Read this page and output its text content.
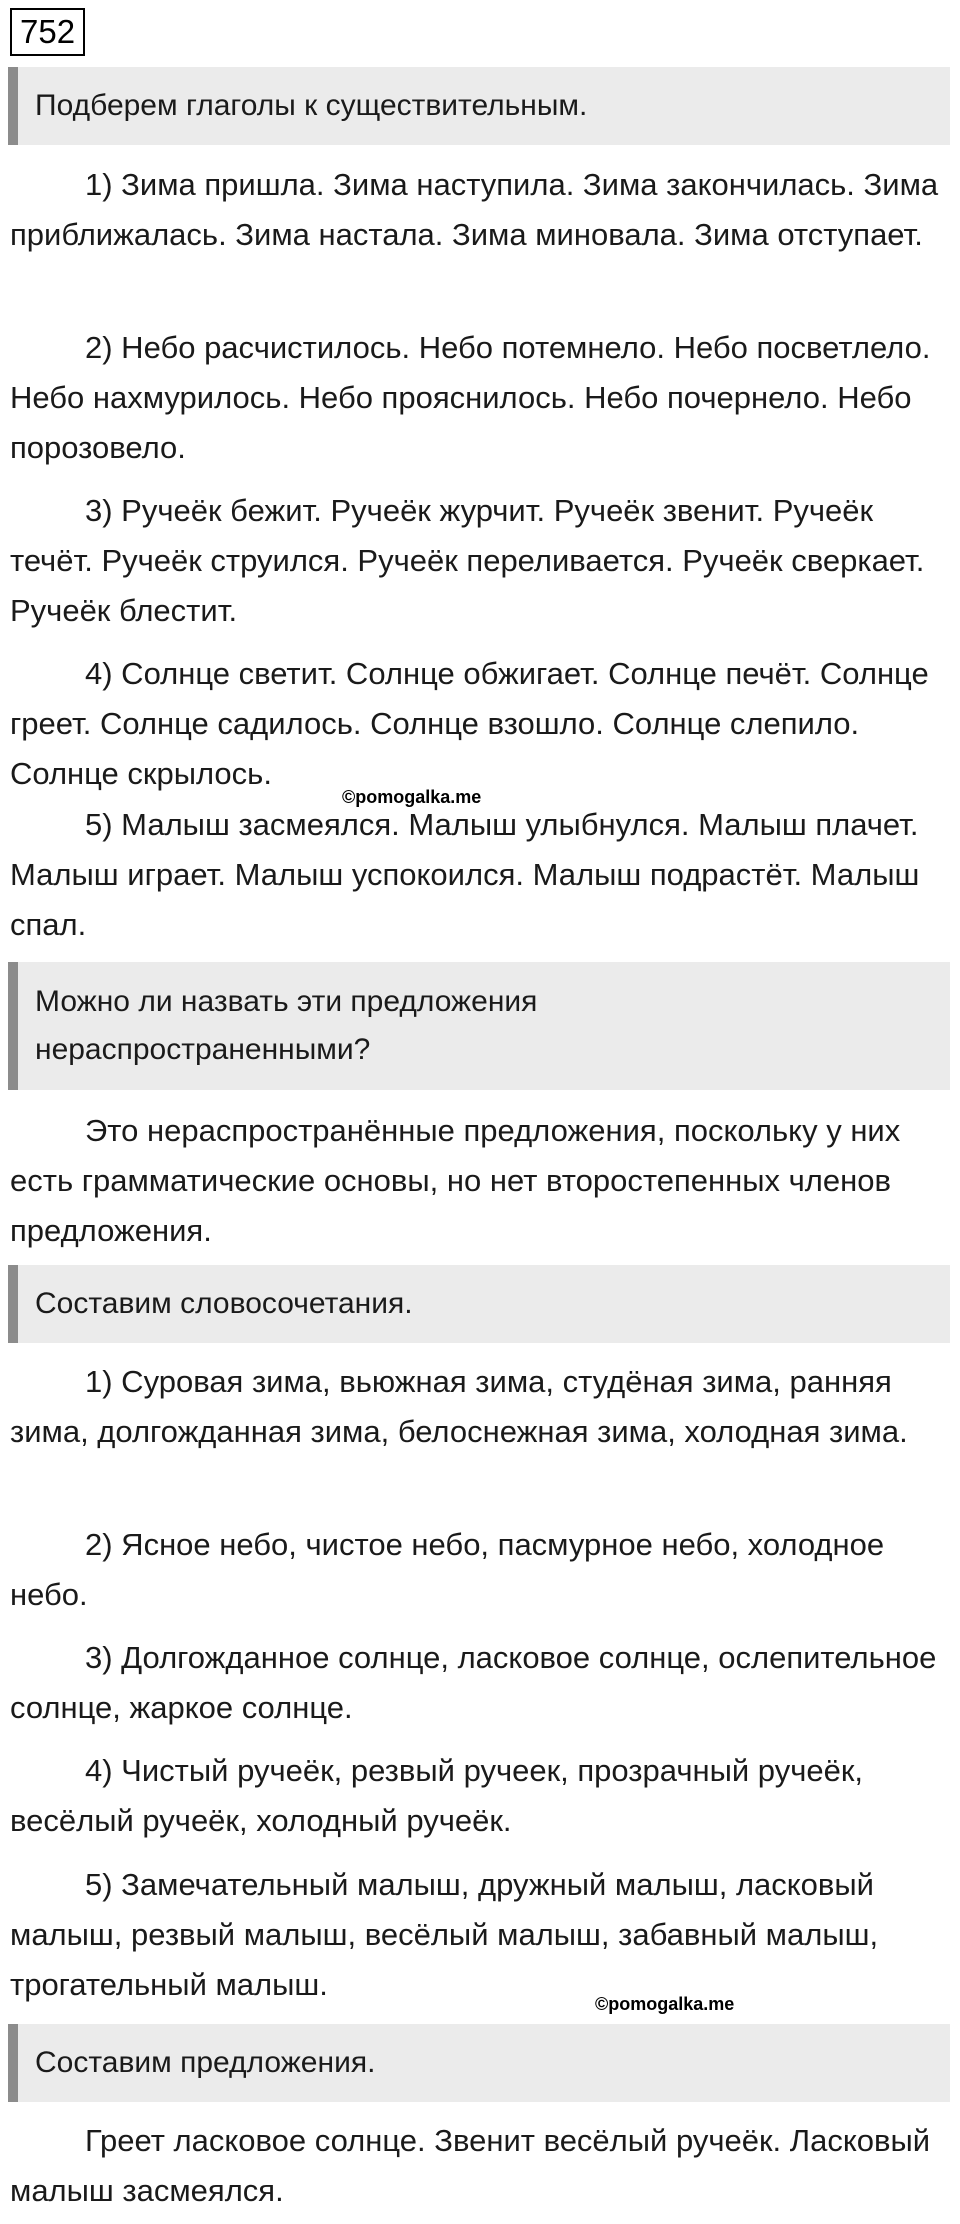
752
Подберем глаголы к существительным.

1) Зима пришла. Зима наступила. Зима закончилась. Зима приближалась. Зима настала. Зима миновала. Зима отступает.

2) Небо расчистилось. Небо потемнело. Небо посветлело. Небо нахмурилось. Небо прояснилось. Небо почернело. Небо порозовело.

3) Ручеёк бежит. Ручеёк журчит. Ручеёк звенит. Ручеёк течёт. Ручеёк струился. Ручеёк переливается. Ручеёк сверкает. Ручеёк блестит.

4) Солнце светит. Солнце обжигает. Солнце печёт. Солнце греет. Солнце садилось. Солнце взошло. Солнце слепило. Солнце скрылось.

©pomogalka.me

5) Малыш засмеялся. Малыш улыбнулся. Малыш плачет. Малыш играет. Малыш успокоился. Малыш подрастёт. Малыш спал.

Можно ли назвать эти предложения
нераспространенными?

Это нераспространённые предложения, поскольку у них есть грамматические основы, но нет второстепенных членов предложения.

Составим словосочетания.

1) Суровая зима, вьюжная зима, студёная зима, ранняя зима, долгожданная зима, белоснежная зима, холодная зима.

2) Ясное небо, чистое небо, пасмурное небо, холодное небо.

3) Долгожданное солнце, ласковое солнце, ослепительное солнце, жаркое солнце.

4) Чистый ручеёк, резвый ручеек, прозрачный ручеёк, весёлый ручеёк, холодный ручеёк.

5) Замечательный малыш, дружный малыш, ласковый малыш, резвый малыш, весёлый малыш, забавный малыш, трогательный малыш.

©pomogalka.me
Составим предложения.

Греет ласковое солнце. Звенит весёлый ручеёк. Ласковый малыш засмеялся.
